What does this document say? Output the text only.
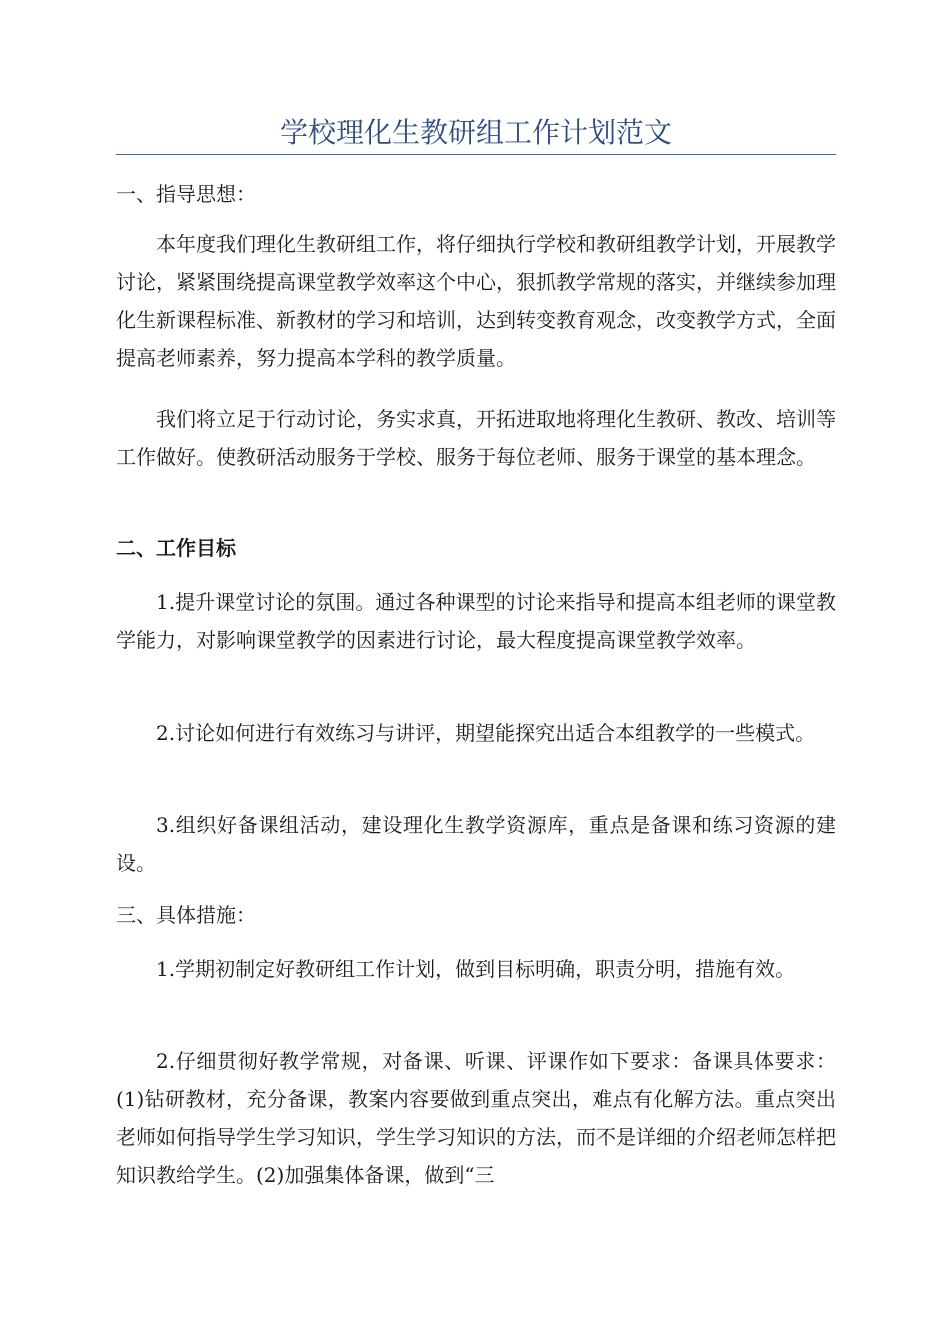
学校理化生教研组工作计划范文

一、指导思想：

本年度我们理化生教研组工作，将仔细执行学校和教研组教学计划，开展教学讨论，紧紧围绕提高课堂教学效率这个中心，狠抓教学常规的落实，并继续参加理化生新课程标准、新教材的学习和培训，达到转变教育观念，改变教学方式，全面提高老师素养，努力提高本学科的教学质量。

我们将立足于行动讨论，务实求真，开拓进取地将理化生教研、教改、培训等工作做好。使教研活动服务于学校、服务于每位老师、服务于课堂的基本理念。

二、工作目标

1.提升课堂讨论的氛围。通过各种课型的讨论来指导和提高本组老师的课堂教学能力，对影响课堂教学的因素进行讨论，最大程度提高课堂教学效率。

2.讨论如何进行有效练习与讲评，期望能探究出适合本组教学的一些模式。

3.组织好备课组活动，建设理化生教学资源库，重点是备课和练习资源的建设。

三、具体措施：

1.学期初制定好教研组工作计划，做到目标明确，职责分明，措施有效。

2.仔细贯彻好教学常规，对备课、听课、评课作如下要求：备课具体要求：(1)钻研教材，充分备课，教案内容要做到重点突出，难点有化解方法。重点突出老师如何指导学生学习知识，学生学习知识的方法，而不是详细的介绍老师怎样把知识教给学生。(2)加强集体备课，做到“三
